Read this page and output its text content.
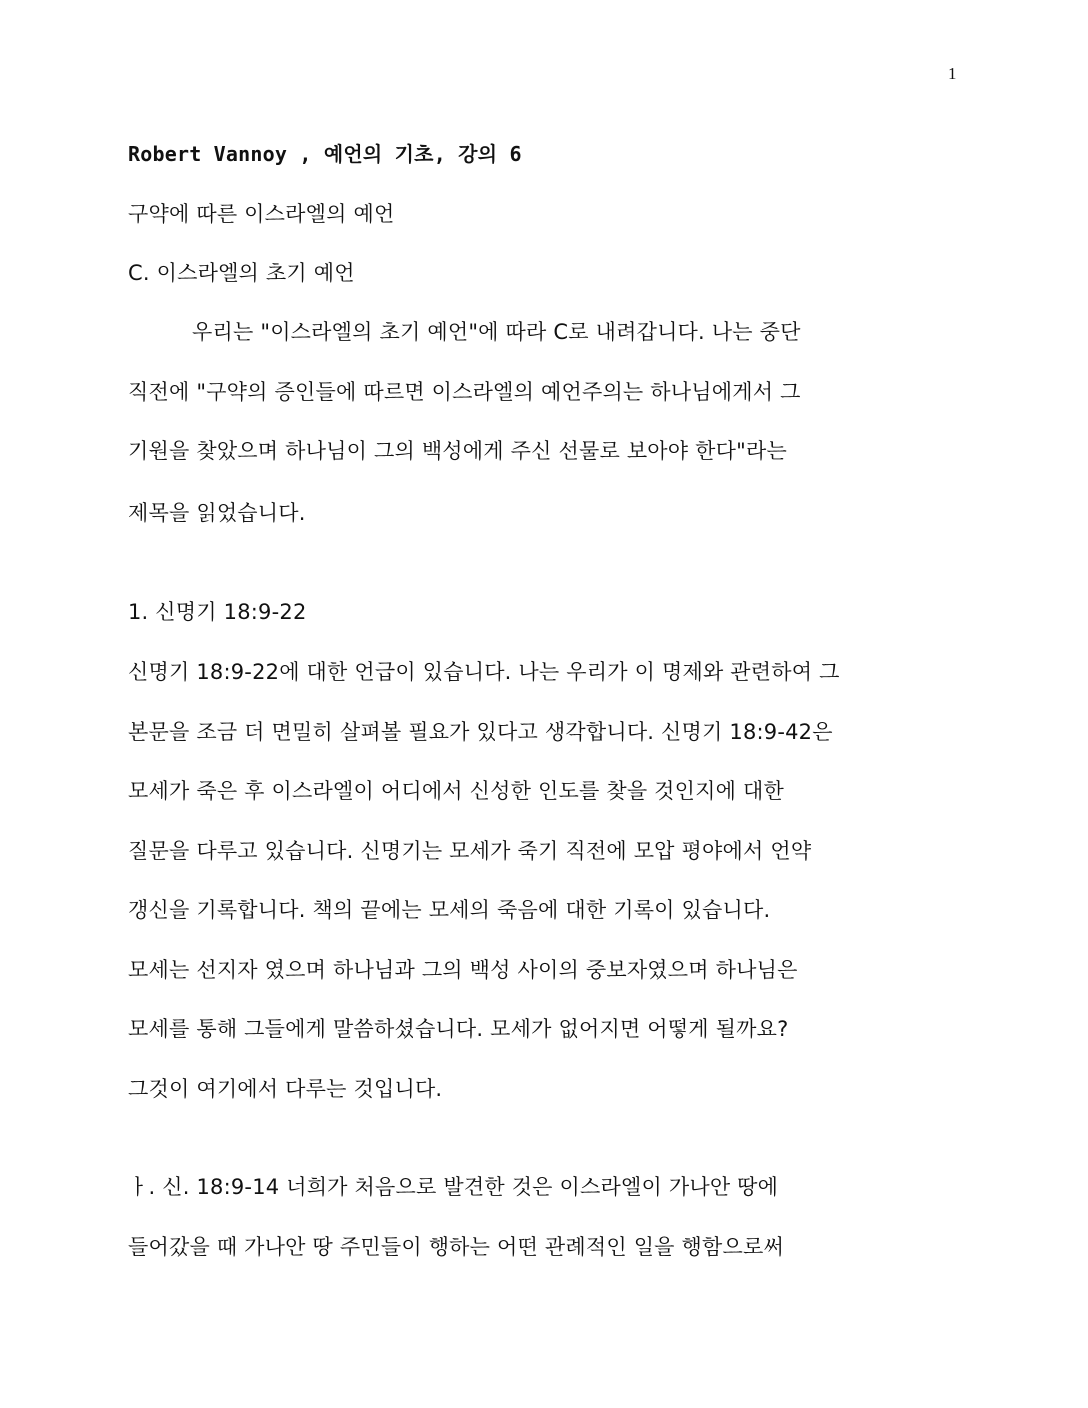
1
Robert Vannoy , 예언의 기초, 강의 6
구약에 따른 이스라엘의 예언
C. 이스라엘의 초기 예언
우리는 "이스라엘의 초기 예언"에 따라 C로 내려갑니다. 나는 중단
직전에 "구약의 증인들에 따르면 이스라엘의 예언주의는 하나님에게서 그
기원을 찾았으며 하나님이 그의 백성에게 주신 선물로 보아야 한다"라는
제목을 읽었습니다.
1. 신명기 18:9-22
신명기 18:9-22에 대한 언급이 있습니다. 나는 우리가 이 명제와 관련하여 그
본문을 조금 더 면밀히 살펴볼 필요가 있다고 생각합니다. 신명기 18:9-42은
모세가 죽은 후 이스라엘이 어디에서 신성한 인도를 찾을 것인지에 대한
질문을 다루고 있습니다. 신명기는 모세가 죽기 직전에 모압 평야에서 언약
갱신을 기록합니다. 책의 끝에는 모세의 죽음에 대한 기록이 있습니다.
모세는 선지자 였으며 하나님과 그의 백성 사이의 중보자였으며 하나님은
모세를 통해 그들에게 말씀하셨습니다. 모세가 없어지면 어떻게 될까요?
그것이 여기에서 다루는 것입니다.
ㅏ. 신. 18:9-14 너희가 처음으로 발견한 것은 이스라엘이 가나안 땅에
들어갔을 때 가나안 땅 주민들이 행하는 어떤 관례적인 일을 행함으로써
